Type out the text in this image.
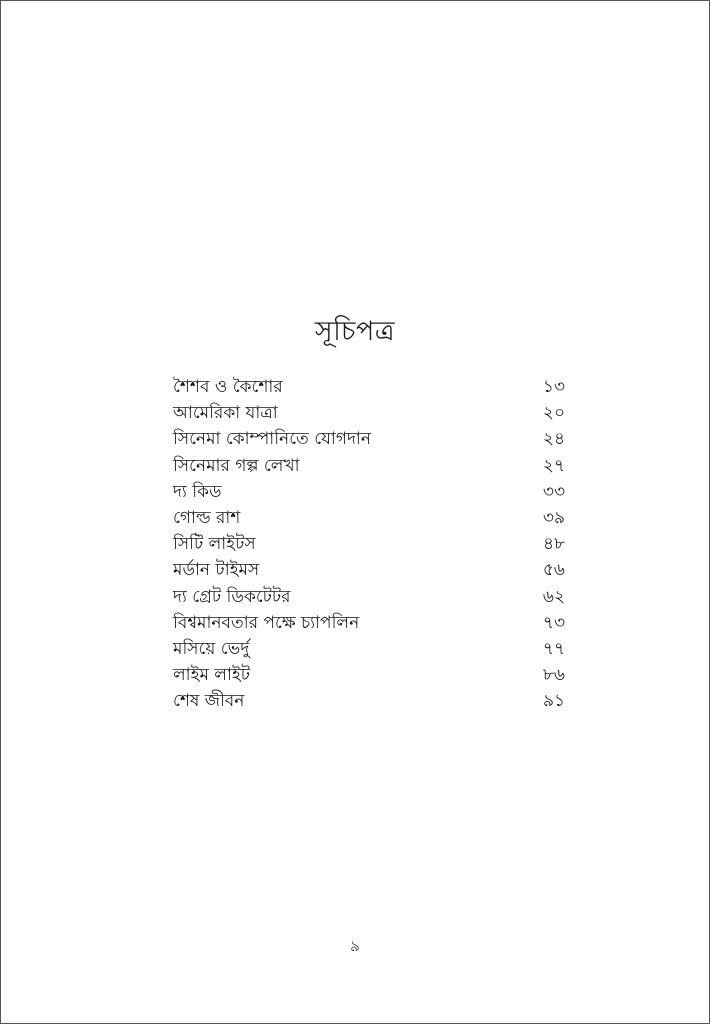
সূচিপত্র
শৈশব ও কৈশোর	১৩
আমেরিকা যাত্রা	২০
সিনেমা কোম্পানিতে যোগদান	২৪
সিনেমার গল্প লেখা	২৭
দ্য কিড	৩৩
গোল্ড রাশ	৩৯
সিটি লাইটস	৪৮
মর্ডান টাইমস	৫৬
দ্য গ্রেট ডিকটেটর	৬২
বিশ্বমানবতার পক্ষে চ্যাপলিন	৭৩
মসিয়ে ভের্দু	৭৭
লাইম লাইট	৮৬
শেষ জীবন	৯১
৯
